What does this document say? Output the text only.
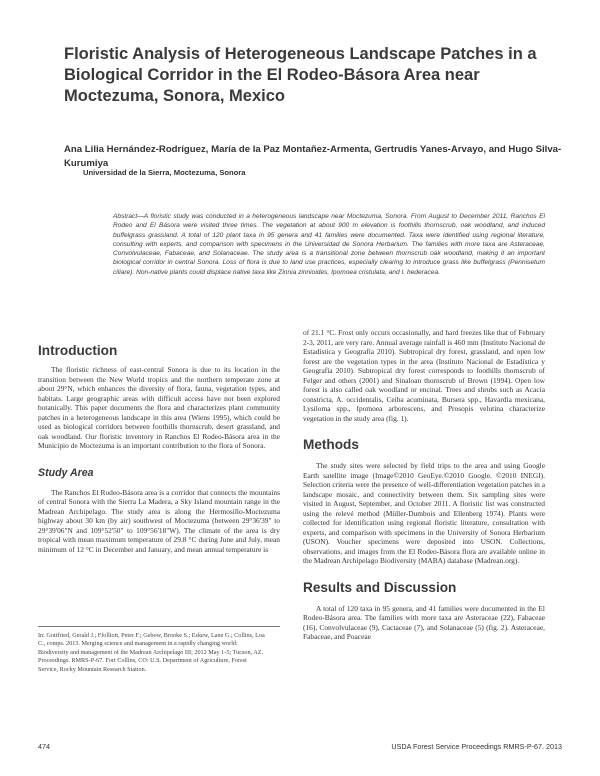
Floristic Analysis of Heterogeneous Landscape Patches in a Biological Corridor in the El Rodeo-Básora Area near Moctezuma, Sonora, Mexico
Ana Lilia Hernández-Rodríguez, María de la Paz Montañez-Armenta, Gertrudis Yanes-Arvayo, and Hugo Silva-Kurumiya
Universidad de la Sierra, Moctezuma, Sonora

Abstract—A floristic study was conducted in a heterogeneous landscape near Moctezuma, Sonora. From August to December 2011, Ranchos El Rodeo and El Básora were visited three times. The vegetation at about 900 m elevation is foothills thornscrub, oak woodland, and induced buffelgrass grassland. A total of 120 plant taxa in 95 genera and 41 families were documented. Taxa were identified using regional literature, consulting with experts, and comparison with specimens in the Universidad de Sonora Herbarium. The families with more taxa are Asteraceae, Convolvulaceae, Fabaceae, and Solanaceae. The study area is a transitional zone between thornscrub oak woodland, making it an important biological corridor in central Sonora. Loss of flora is due to land use practices, especially clearing to introduce grass like buffelgrass (Pennisetum ciliare). Non-native plants could displace native taxa like Zinnia zinnioides, Ipomoea cristulata, and I. hederacea.

Introduction

The floristic richness of east-central Sonora is due to its location in the transition between the New World tropics and the northern temperate zone at about 29°N, which enhances the diversity of flora, fauna, vegetation types, and habitats. Large geographic areas with difficult access have not been explored botanically. This paper documents the flora and characterizes plant community patches in a heterogeneous landscape in this area (Wiens 1995), which could be used as biological corridors between foothills thornscrub, desert grassland, and oak woodland. Our floristic inventory in Ranchos El Rodeo-Básora area in the Municipio de Moctezuma is an important contribution to the flora of Sonora.

Study Area

The Ranchos El Rodeo-Básora area is a corridor that connects the mountains of central Sonora with the Sierra La Madera, a Sky Island mountain range in the Madrean Archipelago. The study area is along the Hermosillo-Moctezuma highway about 30 km (by air) southwest of Moctezuma (between 29°36'39" to 29°39'06"N and 109°52'50" to 109°56'18"W). The climate of the area is dry tropical with mean maximum temperature of 29.8 °C during June and July, mean minimum of 12 °C in December and January, and mean annual temperature is

In: Gottfried, Gerald J.; Ffolliott, Peter F.; Gebow, Brooke S.; Eskew, Lane G.; Collins, Loa C., comps. 2013. Merging science and management in a rapidly changing world: Biodiversity and management of the Madrean Archipelago III; 2012 May 1-5; Tucson, AZ. Proceedings. RMRS-P-67. Fort Collins, CO: U.S. Department of Agriculture, Forest Service, Rocky Mountain Research Station.

of 21.1 °C. Frost only occurs occasionally, and hard freezes like that of February 2-3, 2011, are very rare. Annual average rainfall is 460 mm (Instituto Nacional de Estadística y Geografía 2010). Subtropical dry forest, grassland, and open low forest are the vegetation types in the area (Instituto Nacional de Estadística y Geografía 2010). Subtropical dry forest corresponds to foothills thornscrub of Felger and others (2001) and Sinaloan thornscrub of Brown (1994). Open low forest is also called oak woodland or encinal. Trees and shrubs such as Acacia constricta, A. occidentalis, Ceiba acuminata, Bursera spp., Havardia mexicana, Lysiloma spp., Ipomoea arborescens, and Prosopis velutina characterize vegetation in the study area (fig. 1).

Methods

The study sites were selected by field trips to the area and using Google Earth satellite image (Image©2010 GeoEye.©2010 Google. ©2010 INEGI). Selection criteria were the presence of well-differentiation vegetation patches in a landscape mosaic, and connectivity between them. Six sampling sites were visited in August, September, and October 2011. A floristic list was constructed using the relevé method (Müller-Dumbois and Ellenberg 1974). Plants were collected for identification using regional floristic literature, consultation with experts, and comparison with specimens in the University of Sonora Herbarium (USON). Voucher specimens were deposited into USON. Collections, observations, and images from the El Rodeo-Básora flora are available online in the Madrean Archipelago Biodiversity (MABA) database (Madrean.org).

Results and Discussion

A total of 120 taxa in 95 genera, and 41 families were documented in the El Rodeo-Básora area. The families with more taxa are Asteraceae (22), Fabaceae (16), Convolvulaceae (9), Cactaceae (7), and Solanaceae (5) (fig. 2). Asteraceae, Fabaceae, and Poaceae

474	USDA Forest Service Proceedings RMRS-P-67. 2013
